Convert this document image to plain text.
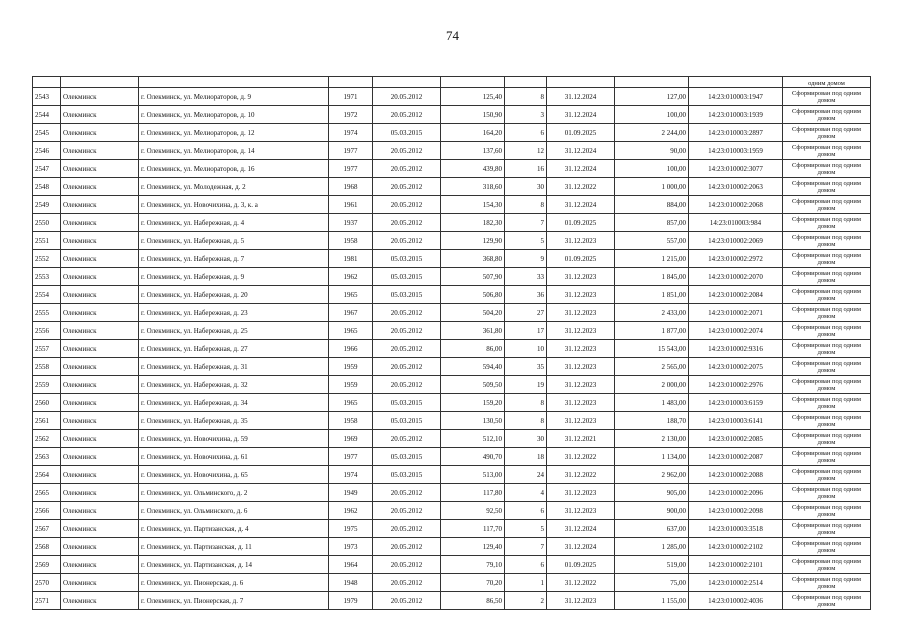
74
										одним домом
2543	Олекминск	г. Олекминск, ул. Мелиораторов, д. 9	1971	20.05.2012	125,40	8	31.12.2024	127,00	14:23:010003:1947	Сформирован под одним домом
2544	Олекминск	г. Олекминск, ул. Мелиораторов, д. 10	1972	20.05.2012	150,90	3	31.12.2024	100,00	14:23:010003:1939	Сформирован под одним домом
2545	Олекминск	г. Олекминск, ул. Мелиораторов, д. 12	1974	05.03.2015	164,20	6	01.09.2025	2 244,00	14:23:010003:2897	Сформирован под одним домом
2546	Олекминск	г. Олекминск, ул. Мелиораторов, д. 14	1977	20.05.2012	137,60	12	31.12.2024	90,00	14:23:010003:1959	Сформирован под одним домом
2547	Олекминск	г. Олекминск, ул. Мелиораторов, д. 16	1977	20.05.2012	439,80	16	31.12.2024	100,00	14:23:010002:3077	Сформирован под одним домом
2548	Олекминск	г. Олекминск, ул. Молодежная, д. 2	1968	20.05.2012	318,60	30	31.12.2022	1 000,00	14:23:010002:2063	Сформирован под одним домом
2549	Олекминск	г. Олекминск, ул. Новочихина, д. 3, к. а	1961	20.05.2012	154,30	8	31.12.2024	884,00	14:23:010002:2068	Сформирован под одним домом
2550	Олекминск	г. Олекминск, ул. Набережная, д. 4	1937	20.05.2012	182,30	7	01.09.2025	857,00	14:23:010003:984	Сформирован под одним домом
2551	Олекминск	г. Олекминск, ул. Набережная, д. 5	1958	20.05.2012	129,90	5	31.12.2023	557,00	14:23:010002:2069	Сформирован под одним домом
2552	Олекминск	г. Олекминск, ул. Набережная, д. 7	1981	05.03.2015	368,80	9	01.09.2025	1 215,00	14:23:010002:2972	Сформирован под одним домом
2553	Олекминск	г. Олекминск, ул. Набережная, д. 9	1962	05.03.2015	507,90	33	31.12.2023	1 845,00	14:23:010002:2070	Сформирован под одним домом
2554	Олекминск	г. Олекминск, ул. Набережная, д. 20	1965	05.03.2015	506,80	36	31.12.2023	1 851,00	14:23:010002:2084	Сформирован под одним домом
2555	Олекминск	г. Олекминск, ул. Набережная, д. 23	1967	20.05.2012	504,20	27	31.12.2023	2 433,00	14:23:010002:2071	Сформирован под одним домом
2556	Олекминск	г. Олекминск, ул. Набережная, д. 25	1965	20.05.2012	361,80	17	31.12.2023	1 877,00	14:23:010002:2074	Сформирован под одним домом
2557	Олекминск	г. Олекминск, ул. Набережная, д. 27	1966	20.05.2012	86,00	10	31.12.2023	15 543,00	14:23:010002:9316	Сформирован под одним домом
2558	Олекминск	г. Олекминск, ул. Набережная, д. 31	1959	20.05.2012	594,40	35	31.12.2023	2 565,00	14:23:010002:2075	Сформирован под одним домом
2559	Олекминск	г. Олекминск, ул. Набережная, д. 32	1959	20.05.2012	509,50	19	31.12.2023	2 000,00	14:23:010002:2976	Сформирован под одним домом
2560	Олекминск	г. Олекминск, ул. Набережная, д. 34	1965	05.03.2015	159,20	8	31.12.2023	1 483,00	14:23:010003:6159	Сформирован под одним домом
2561	Олекминск	г. Олекминск, ул. Набережная, д. 35	1958	05.03.2015	130,50	8	31.12.2023	188,70	14:23:010003:6141	Сформирован под одним домом
2562	Олекминск	г. Олекминск, ул. Новочихина, д. 59	1969	20.05.2012	512,10	30	31.12.2021	2 130,00	14:23:010002:2085	Сформирован под одним домом
2563	Олекминск	г. Олекминск, ул. Новочихина, д. 61	1977	05.03.2015	490,70	18	31.12.2022	1 134,00	14:23:010002:2087	Сформирован под одним домом
2564	Олекминск	г. Олекминск, ул. Новочихина, д. 65	1974	05.03.2015	513,00	24	31.12.2022	2 962,00	14:23:010002:2088	Сформирован под одним домом
2565	Олекминск	г. Олекминск, ул. Ольминского, д. 2	1949	20.05.2012	117,80	4	31.12.2023	905,00	14:23:010002:2096	Сформирован под одним домом
2566	Олекминск	г. Олекминск, ул. Ольминского, д. 6	1962	20.05.2012	92,50	6	31.12.2023	900,00	14:23:010002:2098	Сформирован под одним домом
2567	Олекминск	г. Олекминск, ул. Партизанская, д. 4	1975	20.05.2012	117,70	5	31.12.2024	637,00	14:23:010003:3518	Сформирован под одним домом
2568	Олекминск	г. Олекминск, ул. Партизанская, д. 11	1973	20.05.2012	129,40	7	31.12.2024	1 285,00	14:23:010002:2102	Сформирован под одним домом
2569	Олекминск	г. Олекминск, ул. Партизанская, д. 14	1964	20.05.2012	79,10	6	01.09.2025	519,00	14:23:010002:2101	Сформирован под одним домом
2570	Олекминск	г. Олекминск, ул. Пионерская, д. 6	1948	20.05.2012	70,20	1	31.12.2022	75,00	14:23:010002:2514	Сформирован под одним домом
2571	Олекминск	г. Олекминск, ул. Пионерская, д. 7	1979	20.05.2012	86,50	2	31.12.2023	1 155,00	14:23:010002:4036	Сформирован под одним домом
